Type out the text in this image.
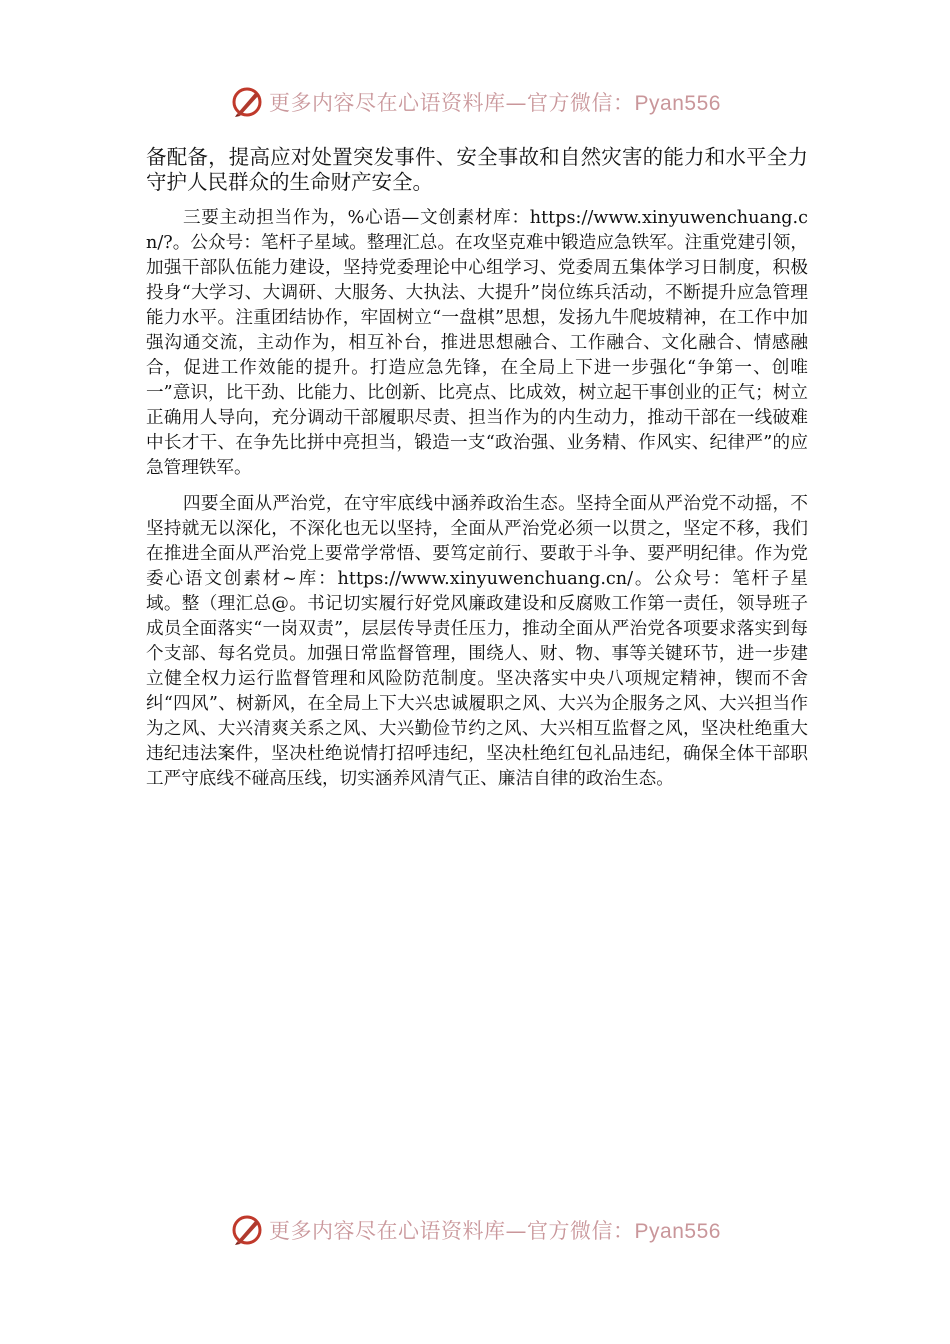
更多内容尽在心语资料库—官方微信：Pyan556

备配备，提高应对处置突发事件、安全事故和自然灾害的能力和水平全力守护人民群众的生命财产安全。

三要主动担当作为，%心语—文创素材库：https://www.xinyuwenchuang.cn/?。公众号：笔杆子星域。整理汇总。在攻坚克难中锻造应急铁军。注重党建引领，加强干部队伍能力建设，坚持党委理论中心组学习、党委周五集体学习日制度，积极投身“大学习、大调研、大服务、大执法、大提升”岗位练兵活动，不断提升应急管理能力水平。注重团结协作，牢固树立“一盘棋”思想，发扬九牛爬坡精神，在工作中加强沟通交流，主动作为，相互补台，推进思想融合、工作融合、文化融合、情感融合，促进工作效能的提升。打造应急先锋，在全局上下进一步强化“争第一、创唯一”意识，比干劲、比能力、比创新、比亮点、比成效，树立起干事创业的正气；树立正确用人导向，充分调动干部履职尽责、担当作为的内生动力，推动干部在一线破难中长才干、在争先比拼中亮担当，锻造一支“政治强、业务精、作风实、纪律严”的应急管理铁军。

四要全面从严治党，在守牢底线中涵养政治生态。坚持全面从严治党不动摇，不坚持就无以深化，不深化也无以坚持，全面从严治党必须一以贯之，坚定不移，我们在推进全面从严治党上要常学常悟、要笃定前行、要敢于斗争、要严明纪律。作为党委心语文创素材~库：https://www.xinyuwenchuang.cn/。公众号：笔杆子星域。整（理汇总@。书记切实履行好党风廉政建设和反腐败工作第一责任，领导班子成员全面落实“一岗双责”，层层传导责任压力，推动全面从严治党各项要求落实到每个支部、每名党员。加强日常监督管理，围绕人、财、物、事等关键环节，进一步建立健全权力运行监督管理和风险防范制度。坚决落实中央八项规定精神，锲而不舍纠“四风”、树新风，在全局上下大兴忠诚履职之风、大兴为企服务之风、大兴担当作为之风、大兴清爽关系之风、大兴勤俭节约之风、大兴相互监督之风，坚决杜绝重大违纪违法案件，坚决杜绝说情打招呼违纪，坚决杜绝红包礼品违纪，确保全体干部职工严守底线不碰高压线，切实涵养风清气正、廉洁自律的政治生态。

更多内容尽在心语资料库—官方微信：Pyan556
